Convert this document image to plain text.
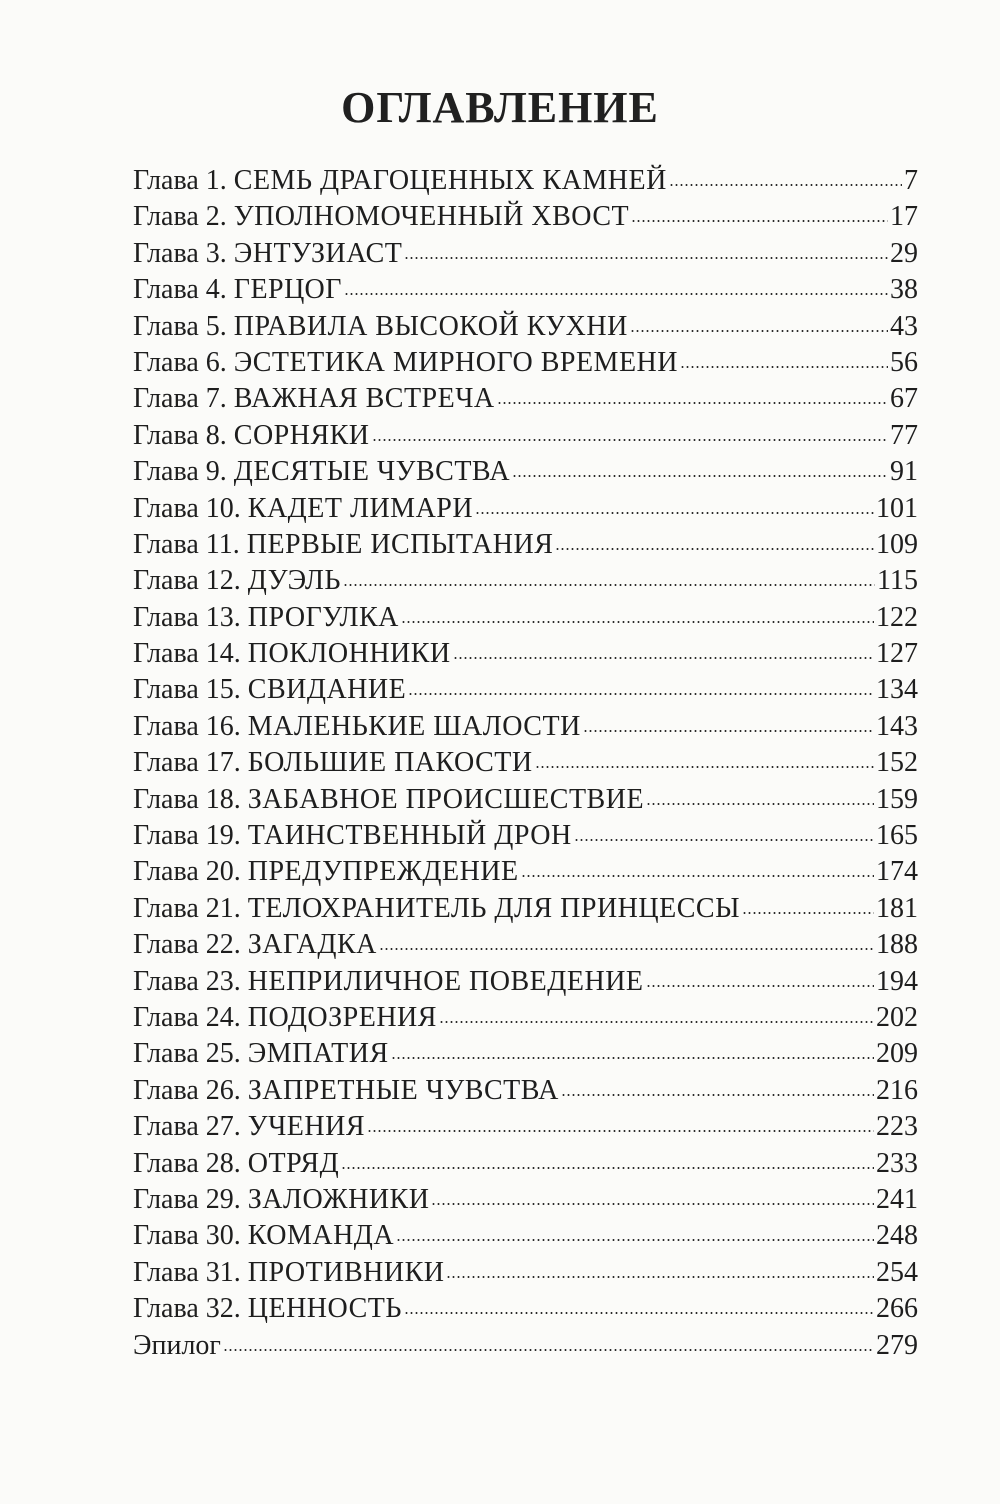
ОГЛАВЛЕНИЕ
Глава 1. СЕМЬ ДРАГОЦЕННЫХ КАМНЕЙ	7
Глава 2. УПОЛНОМОЧЕННЫЙ ХВОСТ	17
Глава 3. ЭНТУЗИАСТ	29
Глава 4. ГЕРЦОГ	38
Глава 5. ПРАВИЛА ВЫСОКОЙ КУХНИ	43
Глава 6. ЭСТЕТИКА МИРНОГО ВРЕМЕНИ	56
Глава 7. ВАЖНАЯ ВСТРЕЧА	67
Глава 8. СОРНЯКИ	77
Глава 9. ДЕСЯТЫЕ ЧУВСТВА	91
Глава 10. КАДЕТ ЛИМАРИ	101
Глава 11. ПЕРВЫЕ ИСПЫТАНИЯ	109
Глава 12. ДУЭЛЬ	115
Глава 13. ПРОГУЛКА	122
Глава 14. ПОКЛОННИКИ	127
Глава 15. СВИДАНИЕ	134
Глава 16. МАЛЕНЬКИЕ ШАЛОСТИ	143
Глава 17. БОЛЬШИЕ ПАКОСТИ	152
Глава 18. ЗАБАВНОЕ ПРОИСШЕСТВИЕ	159
Глава 19. ТАИНСТВЕННЫЙ ДРОН	165
Глава 20. ПРЕДУПРЕЖДЕНИЕ	174
Глава 21. ТЕЛОХРАНИТЕЛЬ ДЛЯ ПРИНЦЕССЫ	181
Глава 22. ЗАГАДКА	188
Глава 23. НЕПРИЛИЧНОЕ ПОВЕДЕНИЕ	194
Глава 24. ПОДОЗРЕНИЯ	202
Глава 25. ЭМПАТИЯ	209
Глава 26. ЗАПРЕТНЫЕ ЧУВСТВА	216
Глава 27. УЧЕНИЯ	223
Глава 28. ОТРЯД	233
Глава 29. ЗАЛОЖНИКИ	241
Глава 30. КОМАНДА	248
Глава 31. ПРОТИВНИКИ	254
Глава 32. ЦЕННОСТЬ	266
Эпилог	279
